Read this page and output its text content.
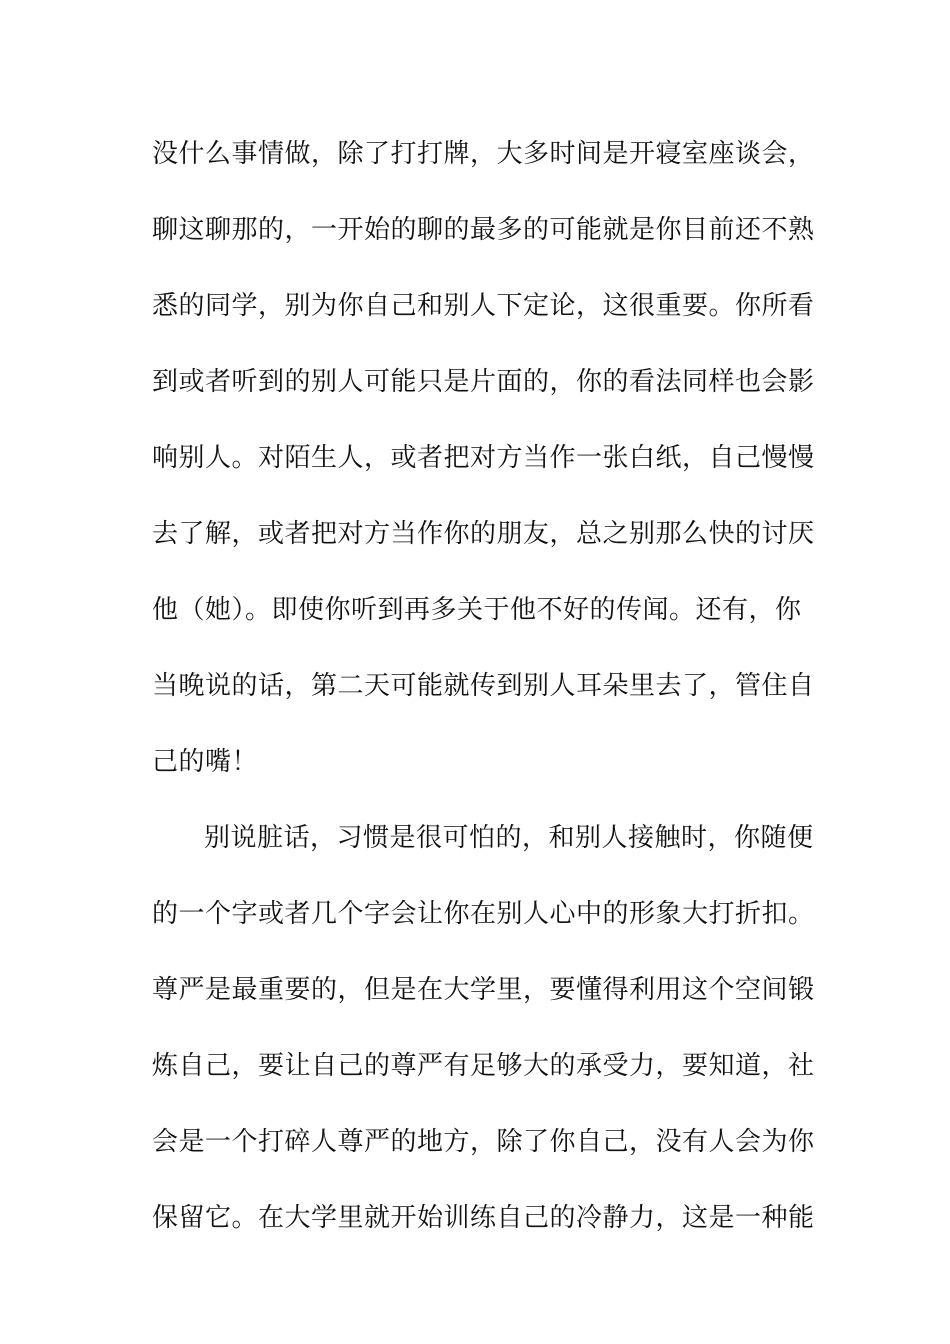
没什么事情做，除了打打牌，大多时间是开寝室座谈会，
聊这聊那的，一开始的聊的最多的可能就是你目前还不熟
悉的同学，别为你自己和别人下定论，这很重要。你所看
到或者听到的别人可能只是片面的，你的看法同样也会影
响别人。对陌生人，或者把对方当作一张白纸，自己慢慢
去了解，或者把对方当作你的朋友，总之别那么快的讨厌
他（她）。即使你听到再多关于他不好的传闻。还有，你
当晚说的话，第二天可能就传到别人耳朵里去了，管住自
己的嘴！
别说脏话，习惯是很可怕的，和别人接触时，你随便
的一个字或者几个字会让你在别人心中的形象大打折扣。
尊严是最重要的，但是在大学里，要懂得利用这个空间锻
炼自己，要让自己的尊严有足够大的承受力，要知道，社
会是一个打碎人尊严的地方，除了你自己，没有人会为你
保留它。在大学里就开始训练自己的冷静力，这是一种能
